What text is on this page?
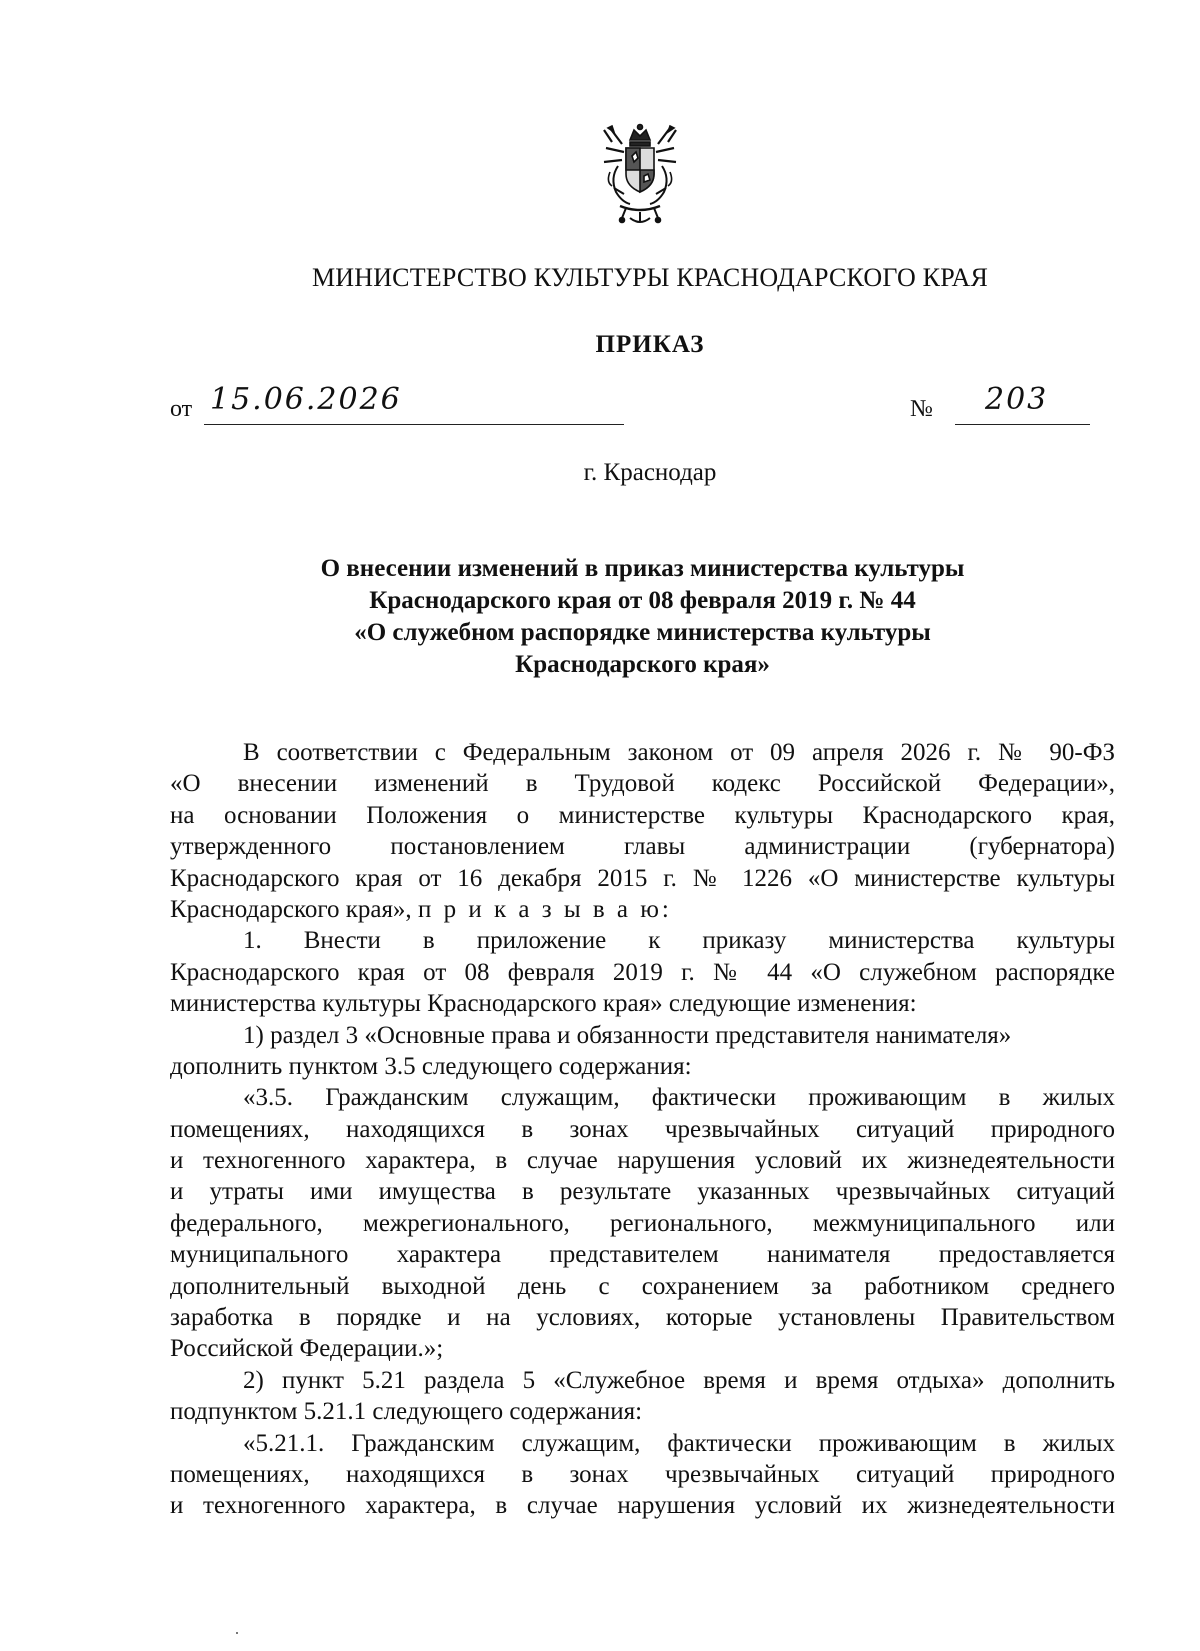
МИНИСТЕРСТВО КУЛЬТУРЫ КРАСНОДАРСКОГО КРАЯ
ПРИКАЗ
от 15.06.2026	№ 203
г. Краснодар
О внесении изменений в приказ министерства культуры
Краснодарского края от 08 февраля 2019 г. № 44
«О служебном распорядке министерства культуры
Краснодарского края»
В соответствии с Федеральным законом от 09 апреля 2026 г. № 90-ФЗ
«О внесении изменений в Трудовой кодекс Российской Федерации»,
на основании Положения о министерстве культуры Краснодарского края,
утвержденного постановлением главы администрации (губернатора)
Краснодарского края от 16 декабря 2015 г. № 1226 «О министерстве культуры
Краснодарского края», п р и к а з ы в а ю:
1. Внести в приложение к приказу министерства культуры
Краснодарского края от 08 февраля 2019 г. № 44 «О служебном распорядке
министерства культуры Краснодарского края» следующие изменения:
1) раздел 3 «Основные права и обязанности представителя нанимателя»
дополнить пунктом 3.5 следующего содержания:
«3.5. Гражданским служащим, фактически проживающим в жилых
помещениях, находящихся в зонах чрезвычайных ситуаций природного
и техногенного характера, в случае нарушения условий их жизнедеятельности
и утраты ими имущества в результате указанных чрезвычайных ситуаций
федерального, межрегионального, регионального, межмуниципального или
муниципального характера представителем нанимателя предоставляется
дополнительный выходной день с сохранением за работником среднего
заработка в порядке и на условиях, которые установлены Правительством
Российской Федерации.»;
2) пункт 5.21 раздела 5 «Служебное время и время отдыха» дополнить
подпунктом 5.21.1 следующего содержания:
«5.21.1. Гражданским служащим, фактически проживающим в жилых
помещениях, находящихся в зонах чрезвычайных ситуаций природного
и техногенного характера, в случае нарушения условий их жизнедеятельности
